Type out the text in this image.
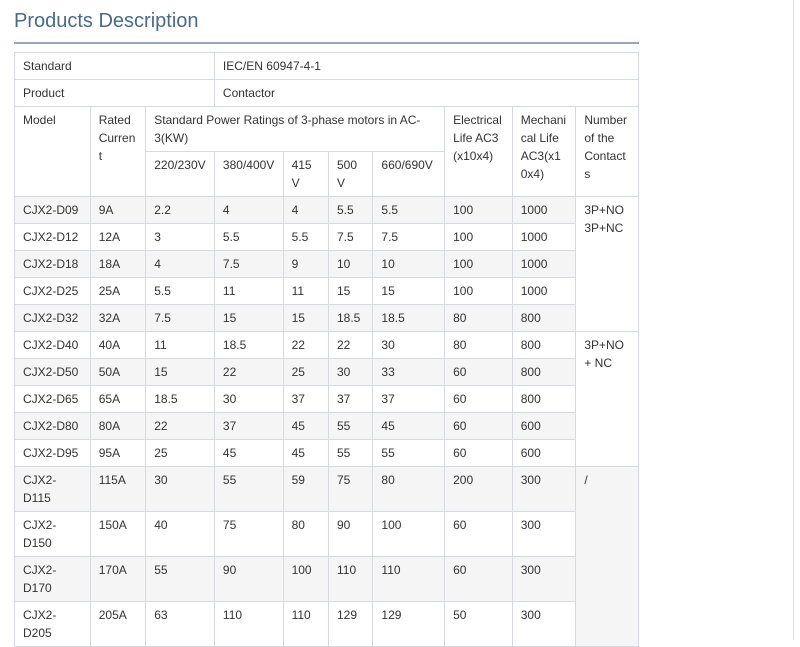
Products Description
Standard			IEC/EN 60947-4-1						
Product			Contactor						
Model	Rated Curren t	Standard Power Ratings of 3-phase motors in AC-3(KW)					Electrical Life AC3 (x10x4)	Mechani cal Life AC3(x1 0x4)	Number of the Contact s
		220/230V	380/400V	415 V	500 V	660/690V			
CJX2-D09	9A	2.2	4	4	5.5	5.5	100	1000	3P+NO 3P+NC
CJX2-D12	12A	3	5.5	5.5	7.5	7.5	100	1000	
CJX2-D18	18A	4	7.5	9	10	10	100	1000	
CJX2-D25	25A	5.5	11	11	15	15	100	1000	
CJX2-D32	32A	7.5	15	15	18.5	18.5	80	800	
CJX2-D40	40A	11	18.5	22	22	30	80	800	3P+NO+ NC
CJX2-D50	50A	15	22	25	30	33	60	800	
CJX2-D65	65A	18.5	30	37	37	37	60	800	
CJX2-D80	80A	22	37	45	55	45	60	600	
CJX2-D95	95A	25	45	45	55	55	60	600	
CJX2-D115	115A	30	55	59	75	80	200	300	/
CJX2-D150	150A	40	75	80	90	100	60	300	
CJX2-D170	170A	55	90	100	110	110	60	300	
CJX2-D205	205A	63	110	110	129	129	50	300	
